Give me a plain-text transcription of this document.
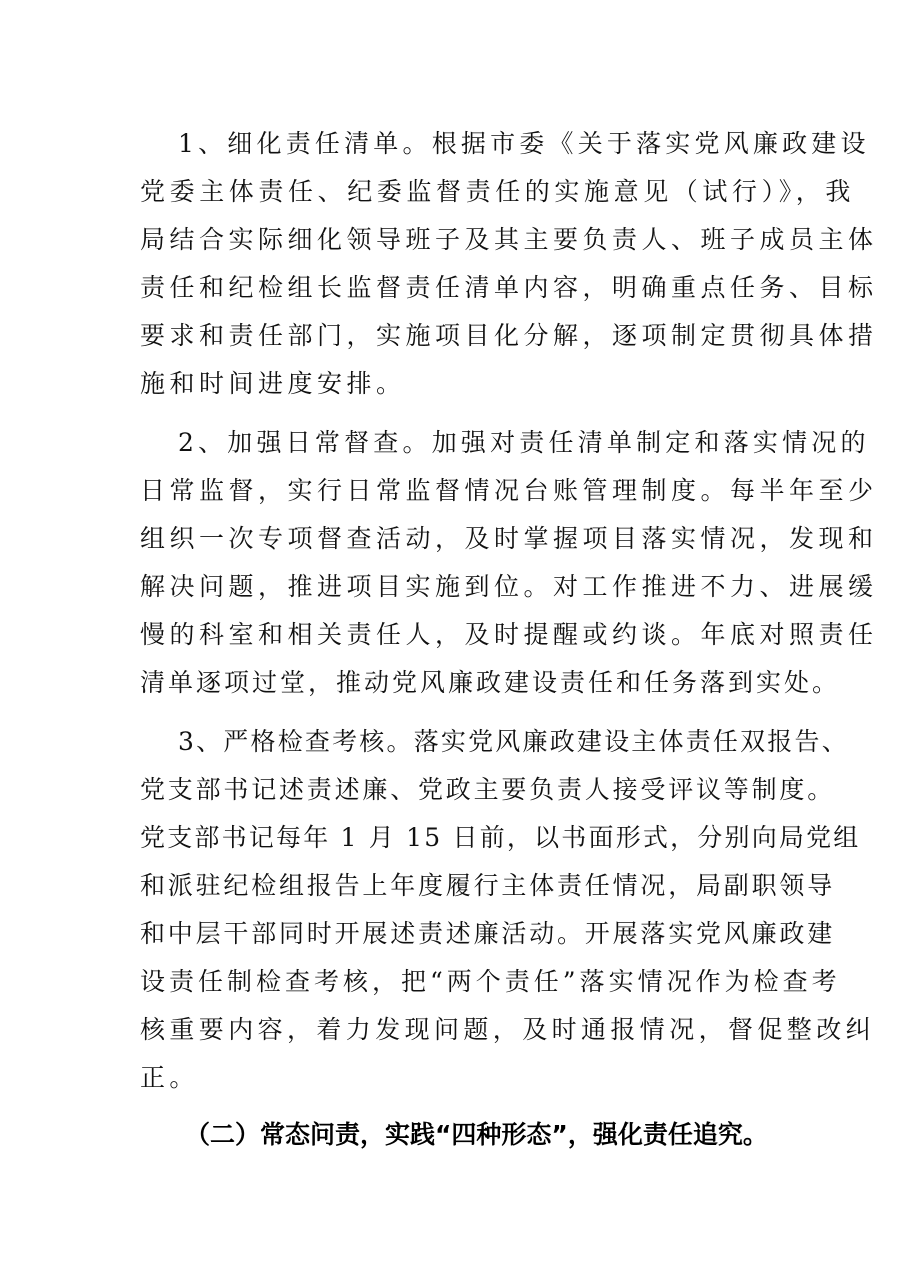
1、细化责任清单。根据市委《关于落实党风廉政建设
党委主体责任、纪委监督责任的实施意见（试行）》，我
局结合实际细化领导班子及其主要负责人、班子成员主体
责任和纪检组长监督责任清单内容，明确重点任务、目标
要求和责任部门，实施项目化分解，逐项制定贯彻具体措
施和时间进度安排。
2、加强日常督查。加强对责任清单制定和落实情况的
日常监督，实行日常监督情况台账管理制度。每半年至少
组织一次专项督查活动，及时掌握项目落实情况，发现和
解决问题，推进项目实施到位。对工作推进不力、进展缓
慢的科室和相关责任人，及时提醒或约谈。年底对照责任
清单逐项过堂，推动党风廉政建设责任和任务落到实处。
3、严格检查考核。落实党风廉政建设主体责任双报告、
党支部书记述责述廉、党政主要负责人接受评议等制度。
党支部书记每年 1 月 15 日前，以书面形式，分别向局党组
和派驻纪检组报告上年度履行主体责任情况，局副职领导
和中层干部同时开展述责述廉活动。开展落实党风廉政建
设责任制检查考核，把“两个责任”落实情况作为检查考
核重要内容，着力发现问题，及时通报情况，督促整改纠
正。
（二）常态问责，实践“四种形态”，强化责任追究。
